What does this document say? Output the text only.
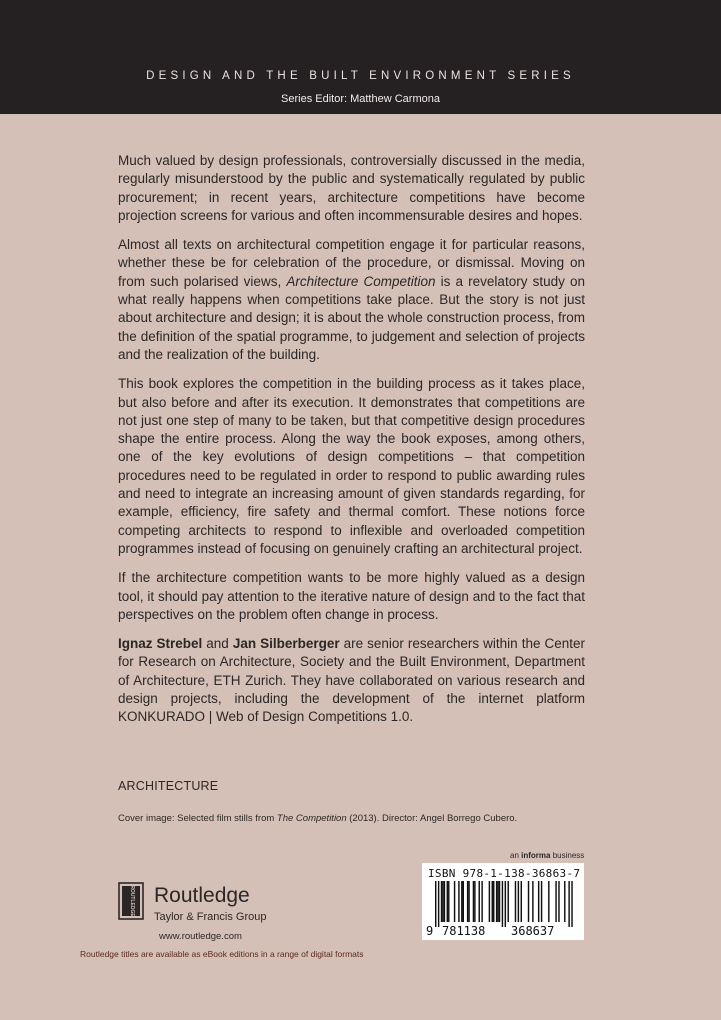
DESIGN AND THE BUILT ENVIRONMENT SERIES
Series Editor: Matthew Carmona

Much valued by design professionals, controversially discussed in the media, regularly misunderstood by the public and systematically regulated by public procurement; in recent years, architecture competitions have become projection screens for various and often incommensurable desires and hopes.

Almost all texts on architectural competition engage it for particular reasons, whether these be for celebration of the procedure, or dismissal. Moving on from such polarised views, Architecture Competition is a revelatory study on what really happens when competitions take place. But the story is not just about architecture and design; it is about the whole construction process, from the definition of the spatial programme, to judgement and selection of projects and the realization of the building.

This book explores the competition in the building process as it takes place, but also before and after its execution. It demonstrates that competitions are not just one step of many to be taken, but that competitive design procedures shape the entire process. Along the way the book exposes, among others, one of the key evolutions of design competitions – that competition procedures need to be regulated in order to respond to public awarding rules and need to integrate an increasing amount of given standards regarding, for example, efficiency, fire safety and thermal comfort. These notions force competing architects to respond to inflexible and overloaded competition programmes instead of focusing on genuinely crafting an architectural project.

If the architecture competition wants to be more highly valued as a design tool, it should pay attention to the iterative nature of design and to the fact that perspectives on the problem often change in process.

Ignaz Strebel and Jan Silberberger are senior researchers within the Center for Research on Architecture, Society and the Built Environment, Department of Architecture, ETH Zurich. They have collaborated on various research and design projects, including the development of the internet platform KONKURADO | Web of Design Competitions 1.0.

ARCHITECTURE
Cover image: Selected film stills from The Competition (2013). Director: Angel Borrego Cubero.
ROUTLEDGE Routledge
Taylor & Francis Group
www.routledge.com
Routledge titles are available as eBook editions in a range of digital formats
an informa business
ISBN 978-1-138-36863-7
9 781138 368637
